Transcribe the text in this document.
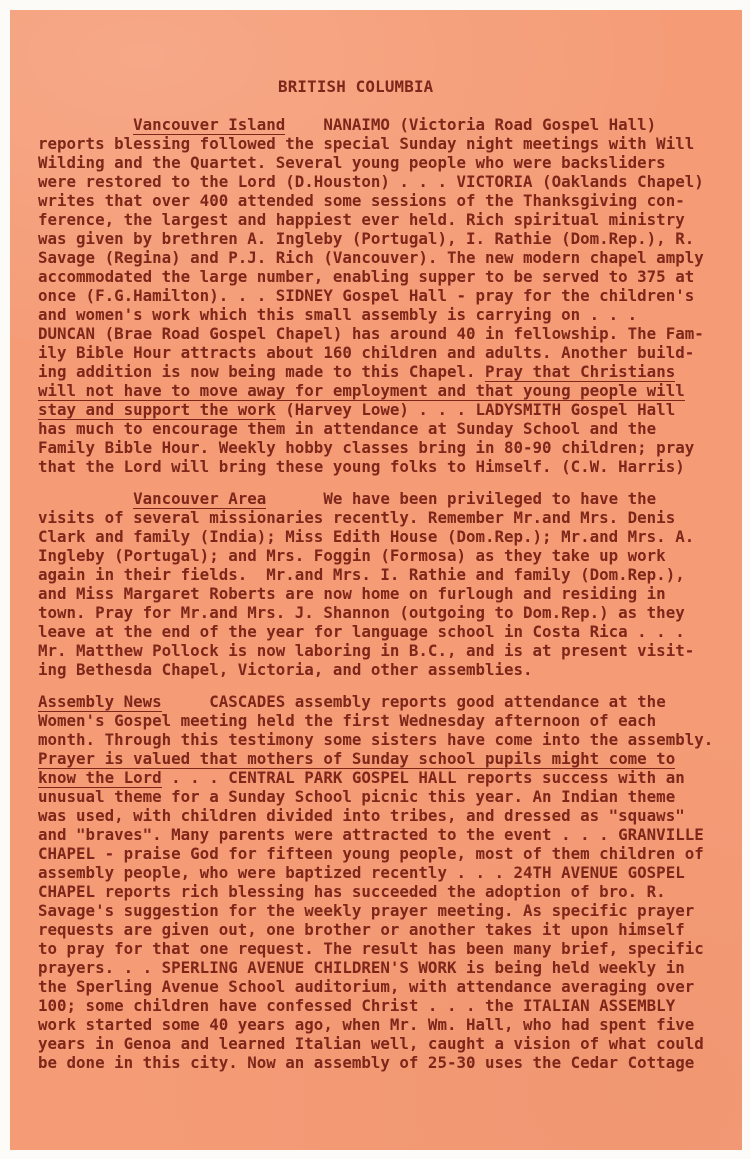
BRITISH COLUMBIA
Vancouver Island    NANAIMO (Victoria Road Gospel Hall)
reports blessing followed the special Sunday night meetings with Will
Wilding and the Quartet. Several young people who were backsliders
were restored to the Lord (D.Houston) . . . VICTORIA (Oaklands Chapel)
writes that over 400 attended some sessions of the Thanksgiving con-
ference, the largest and happiest ever held. Rich spiritual ministry
was given by brethren A. Ingleby (Portugal), I. Rathie (Dom.Rep.), R.
Savage (Regina) and P.J. Rich (Vancouver). The new modern chapel amply
accommodated the large number, enabling supper to be served to 375 at
once (F.G.Hamilton). . . SIDNEY Gospel Hall - pray for the children's
and women's work which this small assembly is carrying on . . .
DUNCAN (Brae Road Gospel Chapel) has around 40 in fellowship. The Fam-
ily Bible Hour attracts about 160 children and adults. Another build-
ing addition is now being made to this Chapel. Pray that Christians
will not have to move away for employment and that young people will
stay and support the work (Harvey Lowe) . . . LADYSMITH Gospel Hall
has much to encourage them in attendance at Sunday School and the
Family Bible Hour. Weekly hobby classes bring in 80-90 children; pray
that the Lord will bring these young folks to Himself. (C.W. Harris)
Vancouver Area      We have been privileged to have the
visits of several missionaries recently. Remember Mr.and Mrs. Denis
Clark and family (India); Miss Edith House (Dom.Rep.); Mr.and Mrs. A.
Ingleby (Portugal); and Mrs. Foggin (Formosa) as they take up work
again in their fields.  Mr.and Mrs. I. Rathie and family (Dom.Rep.),
and Miss Margaret Roberts are now home on furlough and residing in
town. Pray for Mr.and Mrs. J. Shannon (outgoing to Dom.Rep.) as they
leave at the end of the year for language school in Costa Rica . . .
Mr. Matthew Pollock is now laboring in B.C., and is at present visit-
ing Bethesda Chapel, Victoria, and other assemblies.
Assembly News     CASCADES assembly reports good attendance at the
Women's Gospel meeting held the first Wednesday afternoon of each
month. Through this testimony some sisters have come into the assembly.
Prayer is valued that mothers of Sunday school pupils might come to
know the Lord . . . CENTRAL PARK GOSPEL HALL reports success with an
unusual theme for a Sunday School picnic this year. An Indian theme
was used, with children divided into tribes, and dressed as "squaws"
and "braves". Many parents were attracted to the event . . . GRANVILLE
CHAPEL - praise God for fifteen young people, most of them children of
assembly people, who were baptized recently . . . 24TH AVENUE GOSPEL
CHAPEL reports rich blessing has succeeded the adoption of bro. R.
Savage's suggestion for the weekly prayer meeting. As specific prayer
requests are given out, one brother or another takes it upon himself
to pray for that one request. The result has been many brief, specific
prayers. . . SPERLING AVENUE CHILDREN'S WORK is being held weekly in
the Sperling Avenue School auditorium, with attendance averaging over
100; some children have confessed Christ . . . the ITALIAN ASSEMBLY
work started some 40 years ago, when Mr. Wm. Hall, who had spent five
years in Genoa and learned Italian well, caught a vision of what could
be done in this city. Now an assembly of 25-30 uses the Cedar Cottage
